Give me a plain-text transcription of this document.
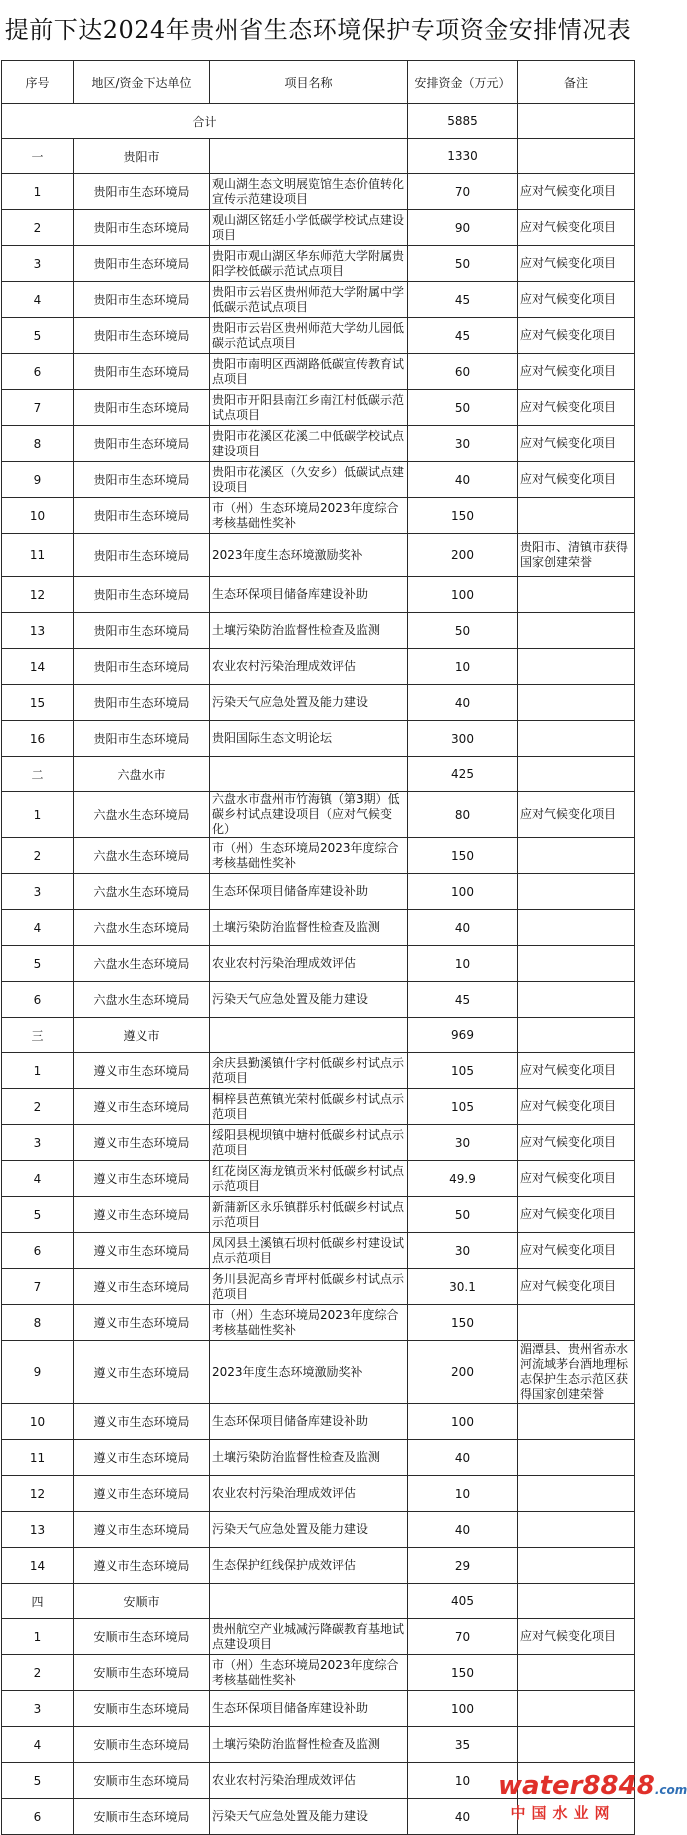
提前下达2024年贵州省生态环境保护专项资金安排情况表
序号	地区/资金下达单位	项目名称	安排资金（万元）	备注
合计			5885	
一	贵阳市		1330	
1	贵阳市生态环境局	观山湖生态文明展览馆生态价值转化宣传示范建设项目	70	应对气候变化项目
2	贵阳市生态环境局	观山湖区铭廷小学低碳学校试点建设项目	90	应对气候变化项目
3	贵阳市生态环境局	贵阳市观山湖区华东师范大学附属贵阳学校低碳示范试点项目	50	应对气候变化项目
4	贵阳市生态环境局	贵阳市云岩区贵州师范大学附属中学低碳示范试点项目	45	应对气候变化项目
5	贵阳市生态环境局	贵阳市云岩区贵州师范大学幼儿园低碳示范试点项目	45	应对气候变化项目
6	贵阳市生态环境局	贵阳市南明区西湖路低碳宣传教育试点项目	60	应对气候变化项目
7	贵阳市生态环境局	贵阳市开阳县南江乡南江村低碳示范试点项目	50	应对气候变化项目
8	贵阳市生态环境局	贵阳市花溪区花溪二中低碳学校试点建设项目	30	应对气候变化项目
9	贵阳市生态环境局	贵阳市花溪区（久安乡）低碳试点建设项目	40	应对气候变化项目
10	贵阳市生态环境局	市（州）生态环境局2023年度综合考核基础性奖补	150	
11	贵阳市生态环境局	2023年度生态环境激励奖补	200	贵阳市、清镇市获得国家创建荣誉
12	贵阳市生态环境局	生态环保项目储备库建设补助	100	
13	贵阳市生态环境局	土壤污染防治监督性检查及监测	50	
14	贵阳市生态环境局	农业农村污染治理成效评估	10	
15	贵阳市生态环境局	污染天气应急处置及能力建设	40	
16	贵阳市生态环境局	贵阳国际生态文明论坛	300	
二	六盘水市		425	
1	六盘水生态环境局	六盘水市盘州市竹海镇（第3期）低碳乡村试点建设项目（应对气候变化）	80	应对气候变化项目
2	六盘水生态环境局	市（州）生态环境局2023年度综合考核基础性奖补	150	
3	六盘水生态环境局	生态环保项目储备库建设补助	100	
4	六盘水生态环境局	土壤污染防治监督性检查及监测	40	
5	六盘水生态环境局	农业农村污染治理成效评估	10	
6	六盘水生态环境局	污染天气应急处置及能力建设	45	
三	遵义市		969	
1	遵义市生态环境局	余庆县勤溪镇什字村低碳乡村试点示范项目	105	应对气候变化项目
2	遵义市生态环境局	桐梓县芭蕉镇光荣村低碳乡村试点示范项目	105	应对气候变化项目
3	遵义市生态环境局	绥阳县枧坝镇中塘村低碳乡村试点示范项目	30	应对气候变化项目
4	遵义市生态环境局	红花岗区海龙镇贡米村低碳乡村试点示范项目	49.9	应对气候变化项目
5	遵义市生态环境局	新蒲新区永乐镇群乐村低碳乡村试点示范项目	50	应对气候变化项目
6	遵义市生态环境局	凤冈县土溪镇石坝村低碳乡村建设试点示范项目	30	应对气候变化项目
7	遵义市生态环境局	务川县泥高乡青坪村低碳乡村试点示范项目	30.1	应对气候变化项目
8	遵义市生态环境局	市（州）生态环境局2023年度综合考核基础性奖补	150	
9	遵义市生态环境局	2023年度生态环境激励奖补	200	湄潭县、贵州省赤水河流域茅台酒地理标志保护生态示范区获得国家创建荣誉
10	遵义市生态环境局	生态环保项目储备库建设补助	100	
11	遵义市生态环境局	土壤污染防治监督性检查及监测	40	
12	遵义市生态环境局	农业农村污染治理成效评估	10	
13	遵义市生态环境局	污染天气应急处置及能力建设	40	
14	遵义市生态环境局	生态保护红线保护成效评估	29	
四	安顺市		405	
1	安顺市生态环境局	贵州航空产业城减污降碳教育基地试点建设项目	70	应对气候变化项目
2	安顺市生态环境局	市（州）生态环境局2023年度综合考核基础性奖补	150	
3	安顺市生态环境局	生态环保项目储备库建设补助	100	
4	安顺市生态环境局	土壤污染防治监督性检查及监测	35	
5	安顺市生态环境局	农业农村污染治理成效评估	10	
6	安顺市生态环境局	污染天气应急处置及能力建设	40	
water8848.com
中国水业网
